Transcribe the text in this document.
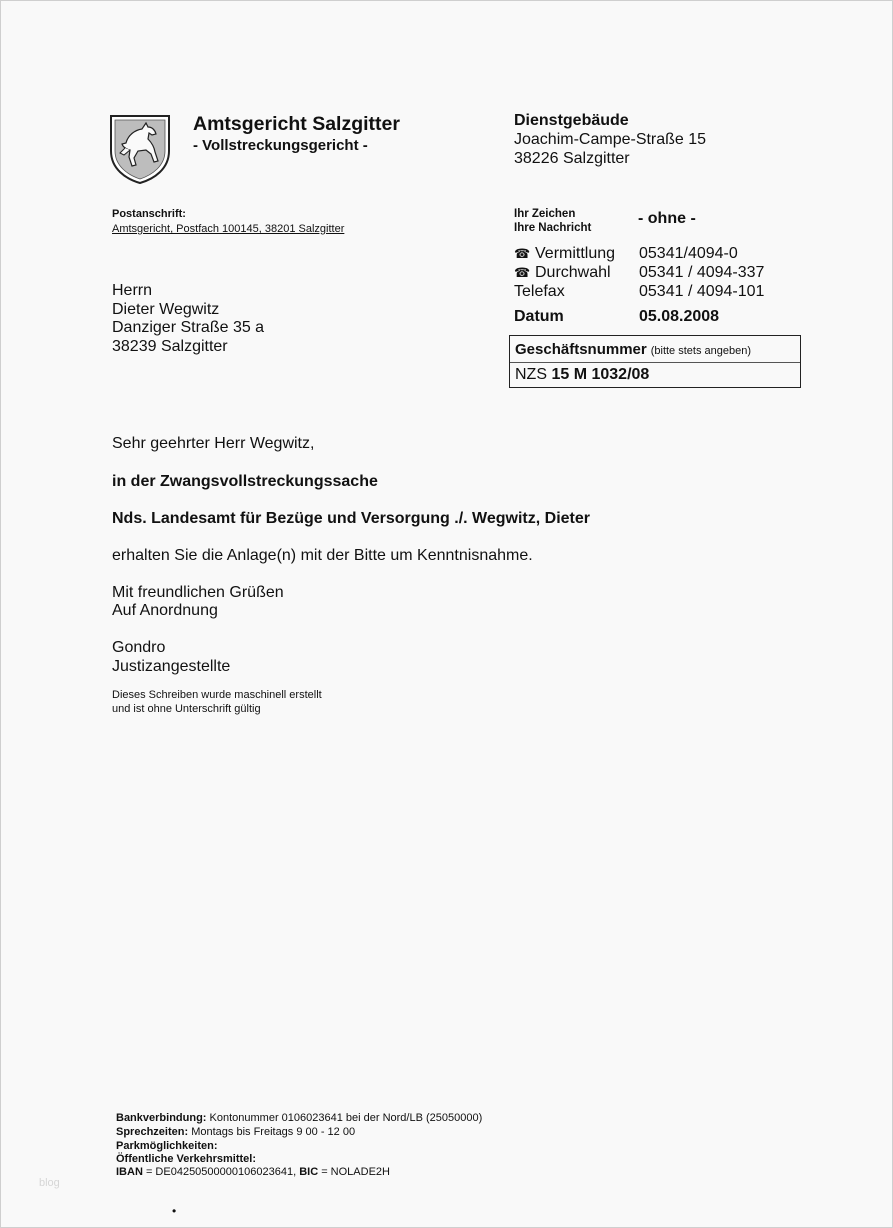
Amtsgericht Salzgitter
- Vollstreckungsgericht -
Dienstgebäude
Joachim-Campe-Straße 15
38226 Salzgitter
Postanschrift:
Amtsgericht, Postfach 100145, 38201 Salzgitter
Ihr Zeichen
Ihre Nachricht
- ohne -
☎ Vermittlung 05341/4094-0
☎ Durchwahl 05341 / 4094-337
Telefax	05341 / 4094-101
Datum	05.08.2008
Geschäftsnummer (bitte stets angeben)
NZS 15 M 1032/08
Herrn
Dieter Wegwitz
Danziger Straße 35 a
38239 Salzgitter
Sehr geehrter Herr Wegwitz,
in der Zwangsvollstreckungssache
Nds. Landesamt für Bezüge und Versorgung ./. Wegwitz, Dieter
erhalten Sie die Anlage(n) mit der Bitte um Kenntnisnahme.
Mit freundlichen Grüßen
Auf Anordnung
Gondro
Justizangestellte
Dieses Schreiben wurde maschinell erstellt
und ist ohne Unterschrift gültig
Bankverbindung: Kontonummer 0106023641 bei der Nord/LB (25050000)
Sprechzeiten: Montags bis Freitags 9 00 - 12 00
Parkmöglichkeiten:
Öffentliche Verkehrsmittel:
IBAN = DE04250500000106023641, BIC = NOLADE2H
blog
•
